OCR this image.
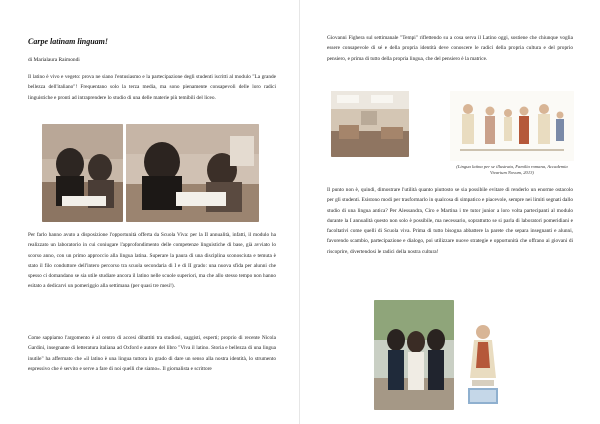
Carpe latinam linguam!
di Marialaura Raimondi

Il latino è vivo e vegeto: prova ne siano l'entusiasmo e la partecipazione degli studenti iscritti al modulo "La grande bellezza dell'italiano"! Frequentano solo la terza media, ma sono pienamente consapevoli delle loro radici linguistiche e pronti ad intraprendere lo studio di una delle materie più temibili del liceo.

Per farlo hanno avuto a disposizione l'opportunità offerta da Scuola Viva: per la II annualità, infatti, il modulo ha realizzato un laboratorio in cui coniugare l'approfondimento delle competenze linguistiche di base, già avviato lo scorso anno, con un primo approccio alla lingua latina. Superare la paura di una disciplina sconosciuta e temuta è stato il filo conduttore dell'intero percorso tra scuola secondaria di I e di II grado: una nuova sfida per alunni che spesso ci domandano se sia utile studiare ancora il latino nelle scuole superiori, ma che allo stesso tempo non hanno esitato a dedicarvi un pomeriggio alla settimana (per quasi tre mesi!).

Come sappiamo l'argomento è al centro di accesi dibattiti tra studiosi, saggisti, esperti; proprio di recente Nicola Gardini, insegnante di letteratura italiana ad Oxford e autore del libro "Viva il latino. Storia e bellezza di una lingua inutile" ha affermato che «il latino è una lingua tuttora in grado di dare un senso alla nostra identità, lo strumento espressivo che è servito e serve a fare di noi quelli che siamo». Il giornalista e scrittore

Giovanni Fighera sul settimanale "Tempi" riflettendo su a cosa serva il Latino oggi, sostiene che chiunque voglia essere consapevole di sé e della propria identità deve conoscere le radici della propria cultura e del proprio pensiero, e prima di tutto della propria lingua, che del pensiero è la matrice.

(Lingua latina per se illustrata, Familia romana, Accademia Vivarium Novum, 2013)

Il punto non è, quindi, dimostrare l'utilità quanto piuttosto se sia possibile evitare di renderlo un enorme ostacolo per gli studenti. Esistono modi per trasformarlo in qualcosa di simpatico e piacevole, sempre nei limiti segnati dallo studio di una lingua antica? Per Alessandra, Ciro e Martina i tre tutor junior a loro volta partecipanti al modulo durante la I annualità questo non solo è possibile, ma necessario, soprattutto se si parla di laboratori pomeridiani e facoltativi come quelli di Scuola viva. Prima di tutto bisogna abbattere la parete che separa insegnanti e alunni, favorendo scambio, partecipazione e dialogo, poi utilizzare nuove strategie e opportunità che offrano ai giovani di riscoprire, divertendosi le radici della nostra cultura!
